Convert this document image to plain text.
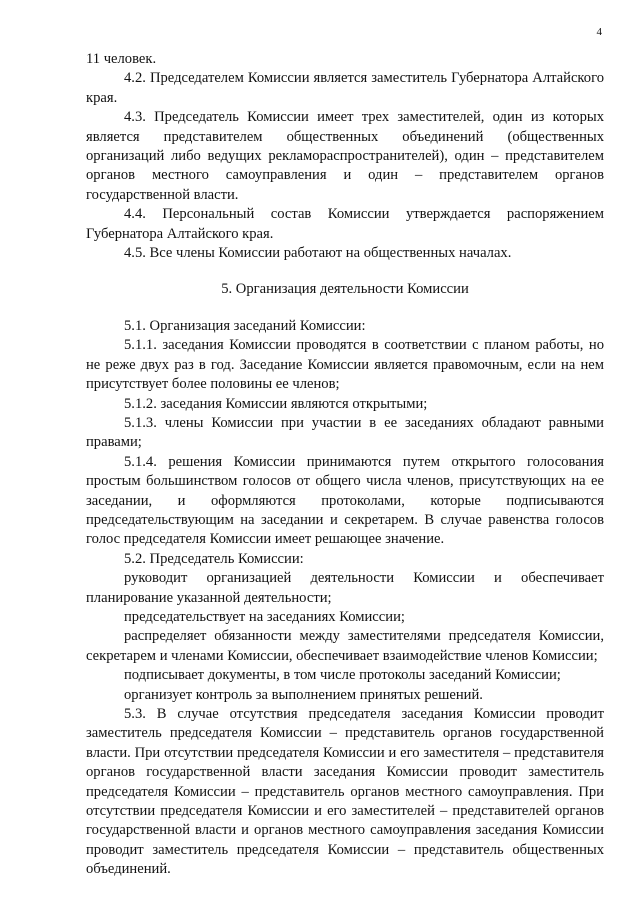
4

11 человек.

4.2. Председателем Комиссии является заместитель Губернатора Алтайского края.

4.3. Председатель Комиссии имеет трех заместителей, один из которых является представителем общественных объединений (общественных организаций либо ведущих рекламораспространителей), один – представителем органов местного самоуправления и один – представителем органов государственной власти.

4.4. Персональный состав Комиссии утверждается распоряжением Губернатора Алтайского края.

4.5. Все члены Комиссии работают на общественных началах.

5. Организация деятельности Комиссии

5.1. Организация заседаний Комиссии:

5.1.1. заседания Комиссии проводятся в соответствии с планом работы, но не реже двух раз в год. Заседание Комиссии является правомочным, если на нем присутствует более половины ее членов;

5.1.2. заседания Комиссии являются открытыми;

5.1.3. члены Комиссии при участии в ее заседаниях обладают равными правами;

5.1.4. решения Комиссии принимаются путем открытого голосования простым большинством голосов от общего числа членов, присутствующих на ее заседании, и оформляются протоколами, которые подписываются председательствующим на заседании и секретарем. В случае равенства голосов голос председателя Комиссии имеет решающее значение.

5.2. Председатель Комиссии:

руководит организацией деятельности Комиссии и обеспечивает планирование указанной деятельности;

председательствует на заседаниях Комиссии;

распределяет обязанности между заместителями председателя Комиссии, секретарем и членами Комиссии, обеспечивает взаимодействие членов Комиссии;

подписывает документы, в том числе протоколы заседаний Комиссии;

организует контроль за выполнением принятых решений.

5.3. В случае отсутствия председателя заседания Комиссии проводит заместитель председателя Комиссии – представитель органов государственной власти. При отсутствии председателя Комиссии и его заместителя – представителя органов государственной власти заседания Комиссии проводит заместитель председателя Комиссии – представитель органов местного самоуправления. При отсутствии председателя Комиссии и его заместителей – представителей органов государственной власти и органов местного самоуправления заседания Комиссии проводит заместитель председателя Комиссии – представитель общественных объединений.
